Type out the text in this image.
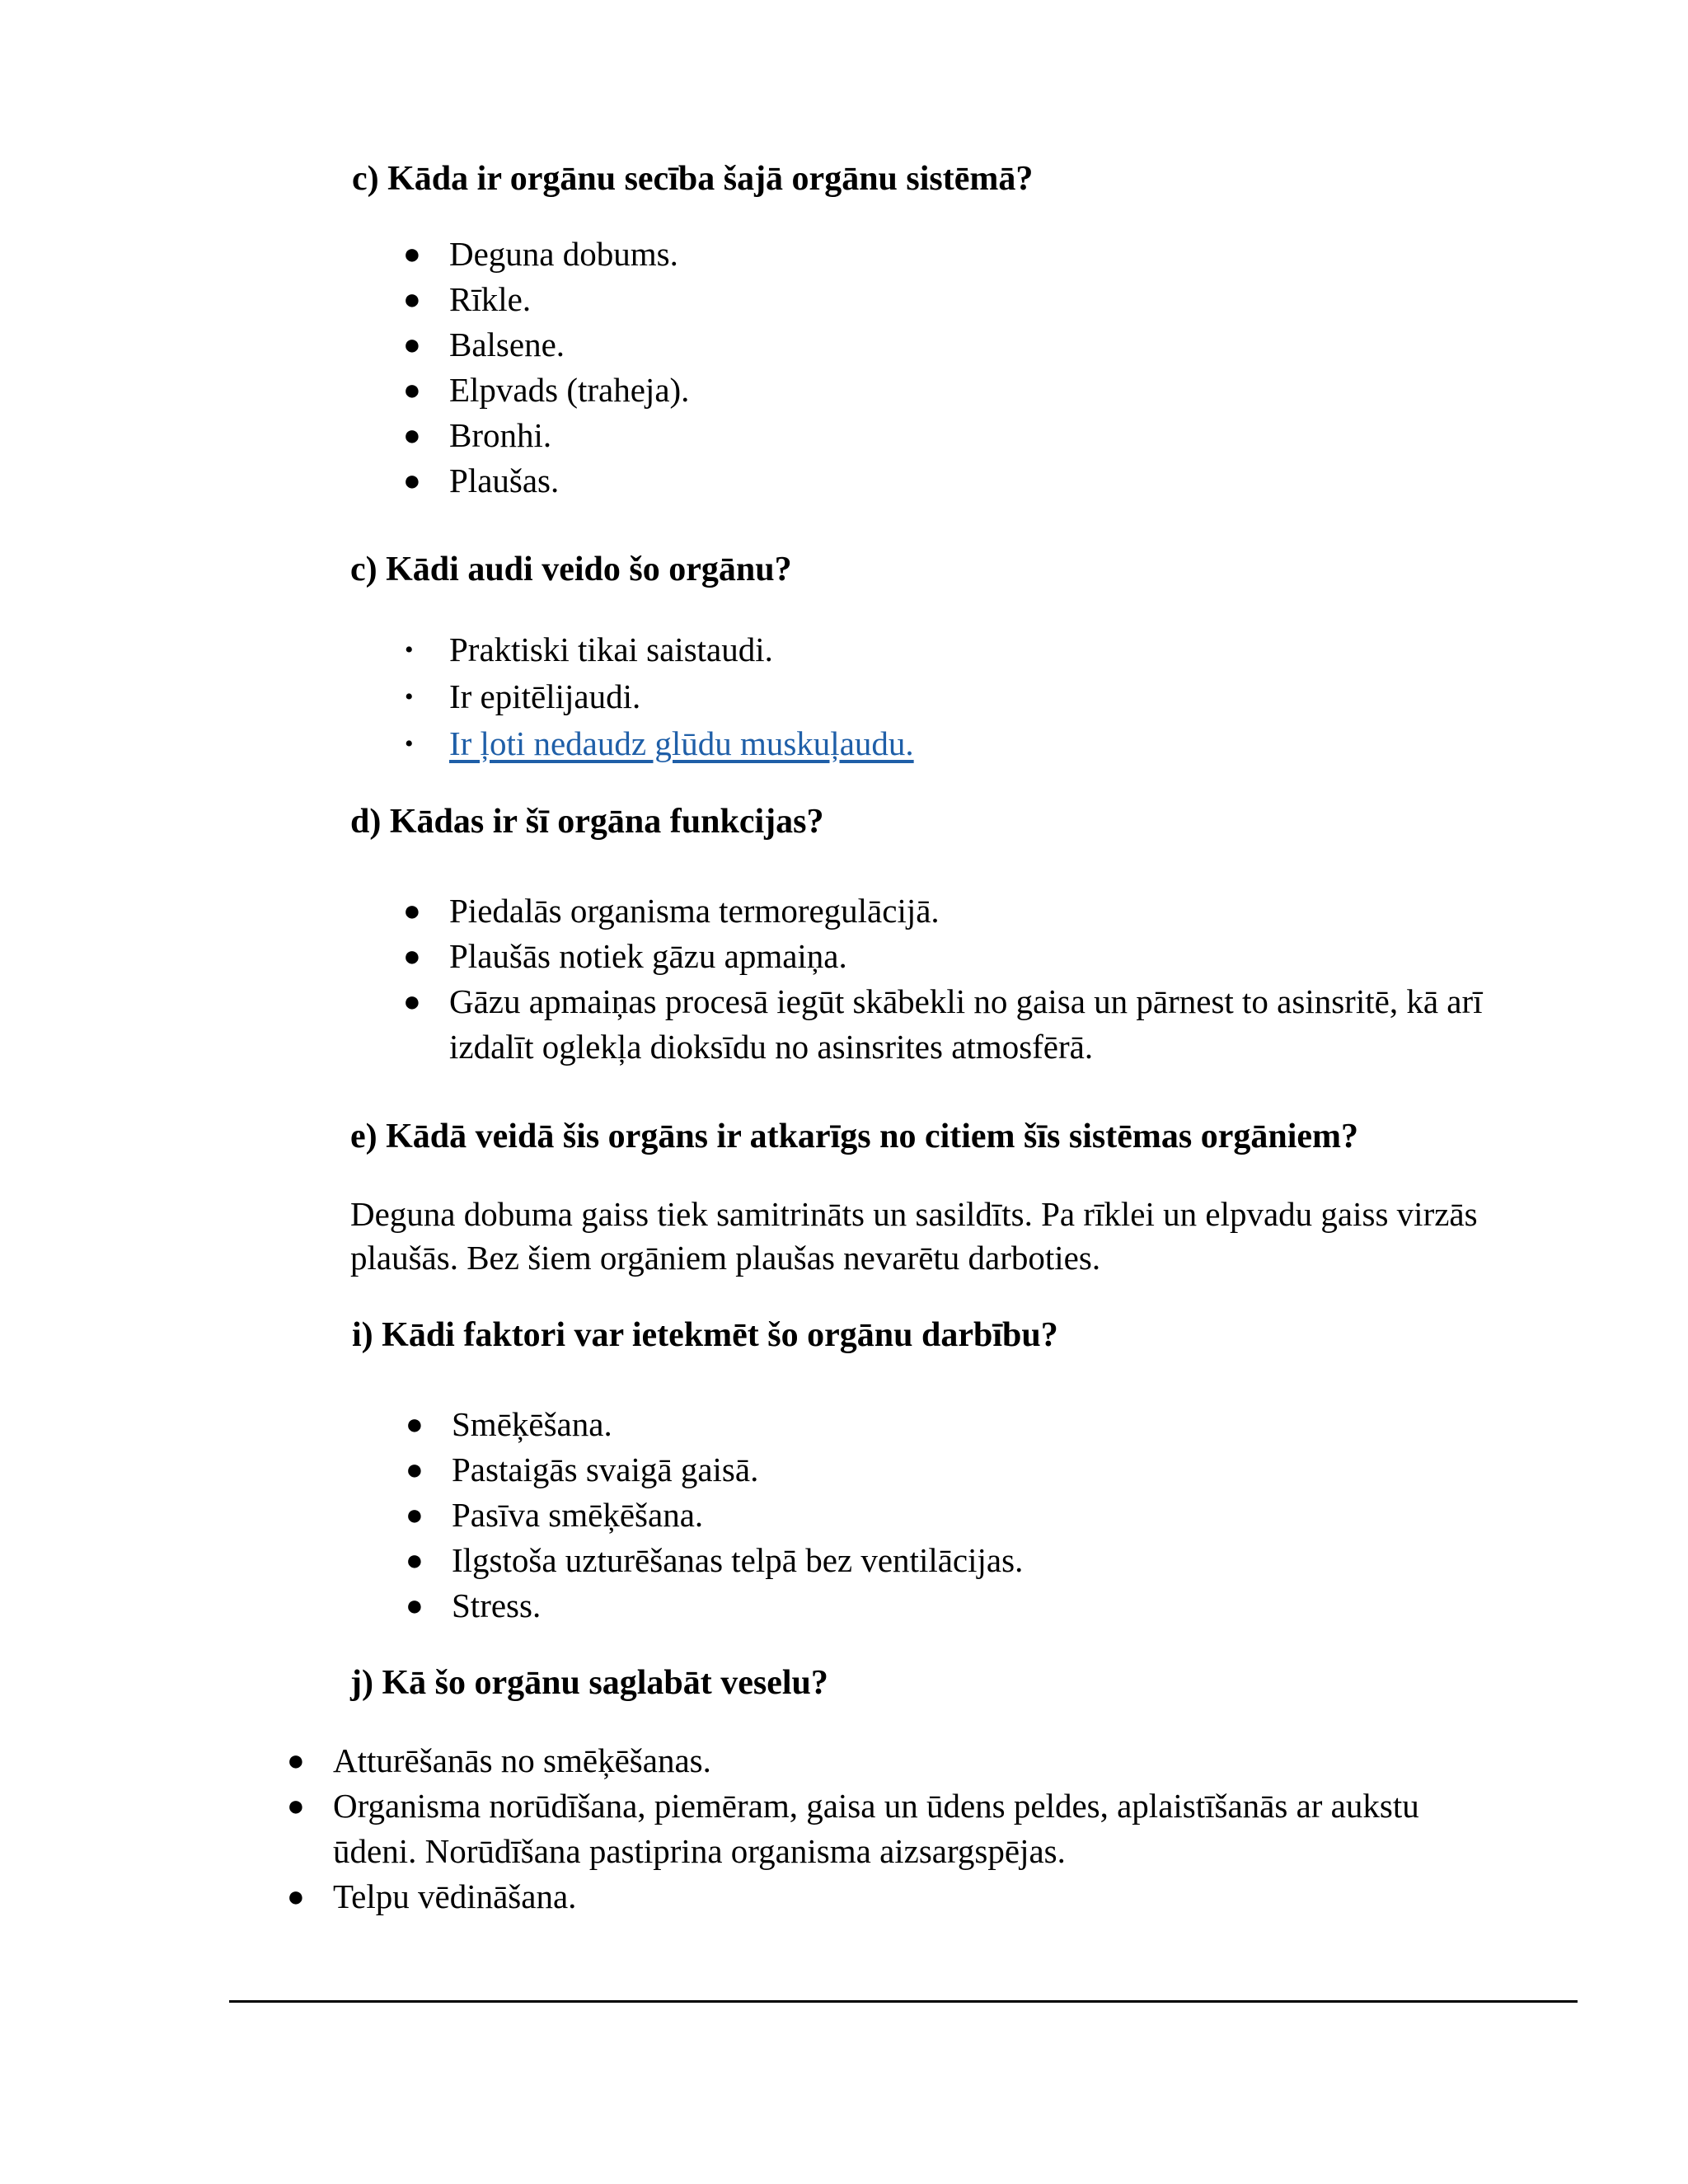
c) Kāda ir orgānu secība šajā orgānu sistēmā?
● Deguna dobums.
● Rīkle.
● Balsene.
● Elpvads (traheja).
● Bronhi.
● Plaušas.
c) Kādi audi veido šo orgānu?
• Praktiski tikai saistaudi.
• Ir epitēlijaudi.
• Ir ļoti nedaudz glūdu muskuļaudu.
d) Kādas ir šī orgāna funkcijas?
● Piedalās organisma termoregulācijā.
● Plaušās notiek gāzu apmaiņa.
● Gāzu apmaiņas procesā iegūt skābekli no gaisa un pārnest to asinsritē, kā arī izdalīt oglekļa dioksīdu no asinsrites atmosfērā.
e) Kādā veidā šis orgāns ir atkarīgs no citiem šīs sistēmas orgāniem?
Deguna dobuma gaiss tiek samitrināts un sasildīts. Pa rīklei un elpvadu gaiss virzās plaušās. Bez šiem orgāniem plaušas nevarētu darboties.
i) Kādi faktori var ietekmēt šo orgānu darbību?
● Smēķēšana.
● Pastaigās svaigā gaisā.
● Pasīva smēķēšana.
● Ilgstoša uzturēšanas telpā bez ventilācijas.
● Stress.
j) Kā šo orgānu saglabāt veselu?
● Atturēšanās no smēķēšanas.
● Organisma norūdīšana, piemēram, gaisa un ūdens peldes, aplaistīšanās ar aukstu ūdeni. Norūdīšana pastiprina organisma aizsargspējas.
● Telpu vēdināšana.
